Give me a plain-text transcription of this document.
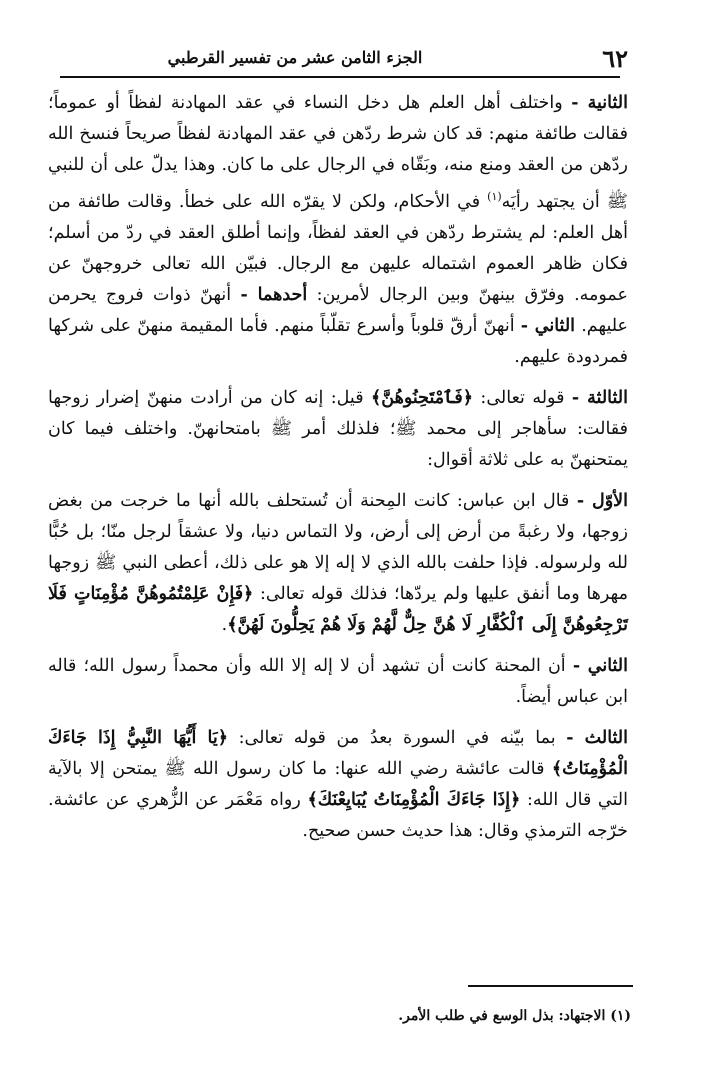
٦٢
الجزء الثامن عشر من تفسير القرطبي

الثانية - واختلف أهل العلم هل دخل النساء في عقد المهادنة لفظاً أو عموماً؛ فقالت طائفة منهم: قد كان شرط ردّهن في عقد المهادنة لفظاً صريحاً فنسخ الله ردّهن من العقد ومنع منه، وبَقّاه في الرجال على ما كان. وهذا يدلّ على أن للنبي ﷺ أن يجتهد رأيَه$^{(١)}$ في الأحكام، ولكن لا يقرّه الله على خطأ. وقالت طائفة من أهل العلم: لم يشترط ردّهن في العقد لفظاً، وإنما أطلق العقد في ردّ من أسلم؛ فكان ظاهر العموم اشتماله عليهن مع الرجال. فبيّن الله تعالى خروجهنّ عن عمومه. وفرّق بينهنّ وبين الرجال لأمرين: أحدهما - أنهنّ ذوات فروج يحرمن عليهم. الثاني - أنهنّ أرقّ قلوباً وأسرع تقلّباً منهم. فأما المقيمة منهنّ على شركها فمردودة عليهم.

الثالثة - قوله تعالى: ﴿فَٱمْتَحِنُوهُنَّ﴾ قيل: إنه كان من أرادت منهنّ إضرار زوجها فقالت: سأهاجر إلى محمد ﷺ؛ فلذلك أمر ﷺ بامتحانهنّ. واختلف فيما كان يمتحنهنّ به على ثلاثة أقوال:

الأوّل - قال ابن عباس: كانت المِحنة أن تُستحلف بالله أنها ما خرجت من بغض زوجها، ولا رغبةً من أرض إلى أرض، ولا التماس دنيا، ولا عشقاً لرجل منّا؛ بل حُبًّا لله ولرسوله. فإذا حلفت بالله الذي لا إله إلا هو على ذلك، أعطى النبي ﷺ زوجها مهرها وما أنفق عليها ولم يردّها؛ فذلك قوله تعالى: ﴿فَإِنْ عَلِمْتُمُوهُنَّ مُؤْمِنَاتٍ فَلَا تَرْجِعُوهُنَّ إِلَى ٱلْكُفَّارِ لَا هُنَّ حِلٌّ لَّهُمْ وَلَا هُمْ يَحِلُّونَ لَهُنَّ﴾.

الثاني - أن المحنة كانت أن تشهد أن لا إله إلا الله وأن محمداً رسول الله؛ قاله ابن عباس أيضاً.

الثالث - بما بيّنه في السورة بعدُ من قوله تعالى: ﴿يَا أَيُّهَا النَّبِيُّ إِذَا جَاءَكَ الْمُؤْمِنَاتُ﴾ قالت عائشة رضي الله عنها: ما كان رسول الله ﷺ يمتحن إلا بالآية التي قال الله: ﴿إِذَا جَاءَكَ الْمُؤْمِنَاتُ يُبَايِعْنَكَ﴾ رواه مَعْمَر عن الزُّهري عن عائشة. خرّجه الترمذي وقال: هذا حديث حسن صحيح.

(١) الاجتهاد: بذل الوسع في طلب الأمر.
